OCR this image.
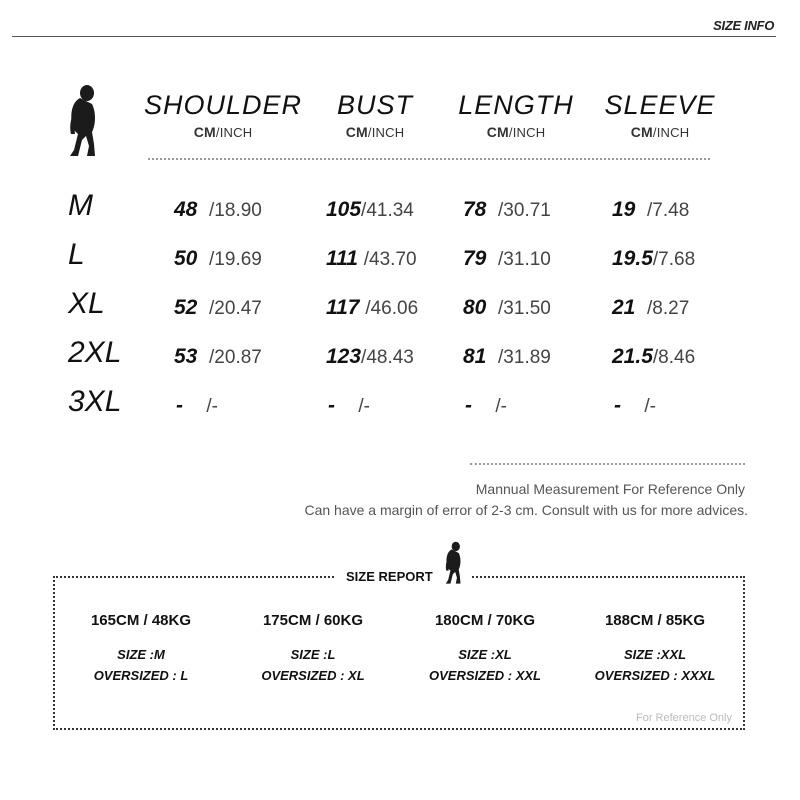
SIZE INFO
SHOULDER
CM/INCH
BUST
CM/INCH
LENGTH
CM/INCH
SLEEVE
CM/INCH
M	48 /18.90	105/41.34 78 /30.71	19 /7.48
L	50 /19.69	111 /43.70 79 /31.10	19.5/7.68
XL	52 /20.47	117 /46.06 80 /31.50	21 /8.27
2XL	53 /20.87	123/48.43 81 /31.89	21.5/8.46
3XL	- /-	- /-	- /-	- /-
Mannual Measurement For Reference Only
Can have a margin of error of 2-3 cm. Consult with us for more advices.
SIZE REPORT
165CM / 48KG
SIZE :M
OVERSIZED : L
175CM / 60KG
SIZE :L
OVERSIZED : XL
180CM / 70KG
SIZE :XL
OVERSIZED : XXL
188CM / 85KG
SIZE :XXL
OVERSIZED : XXXL
For Reference Only
